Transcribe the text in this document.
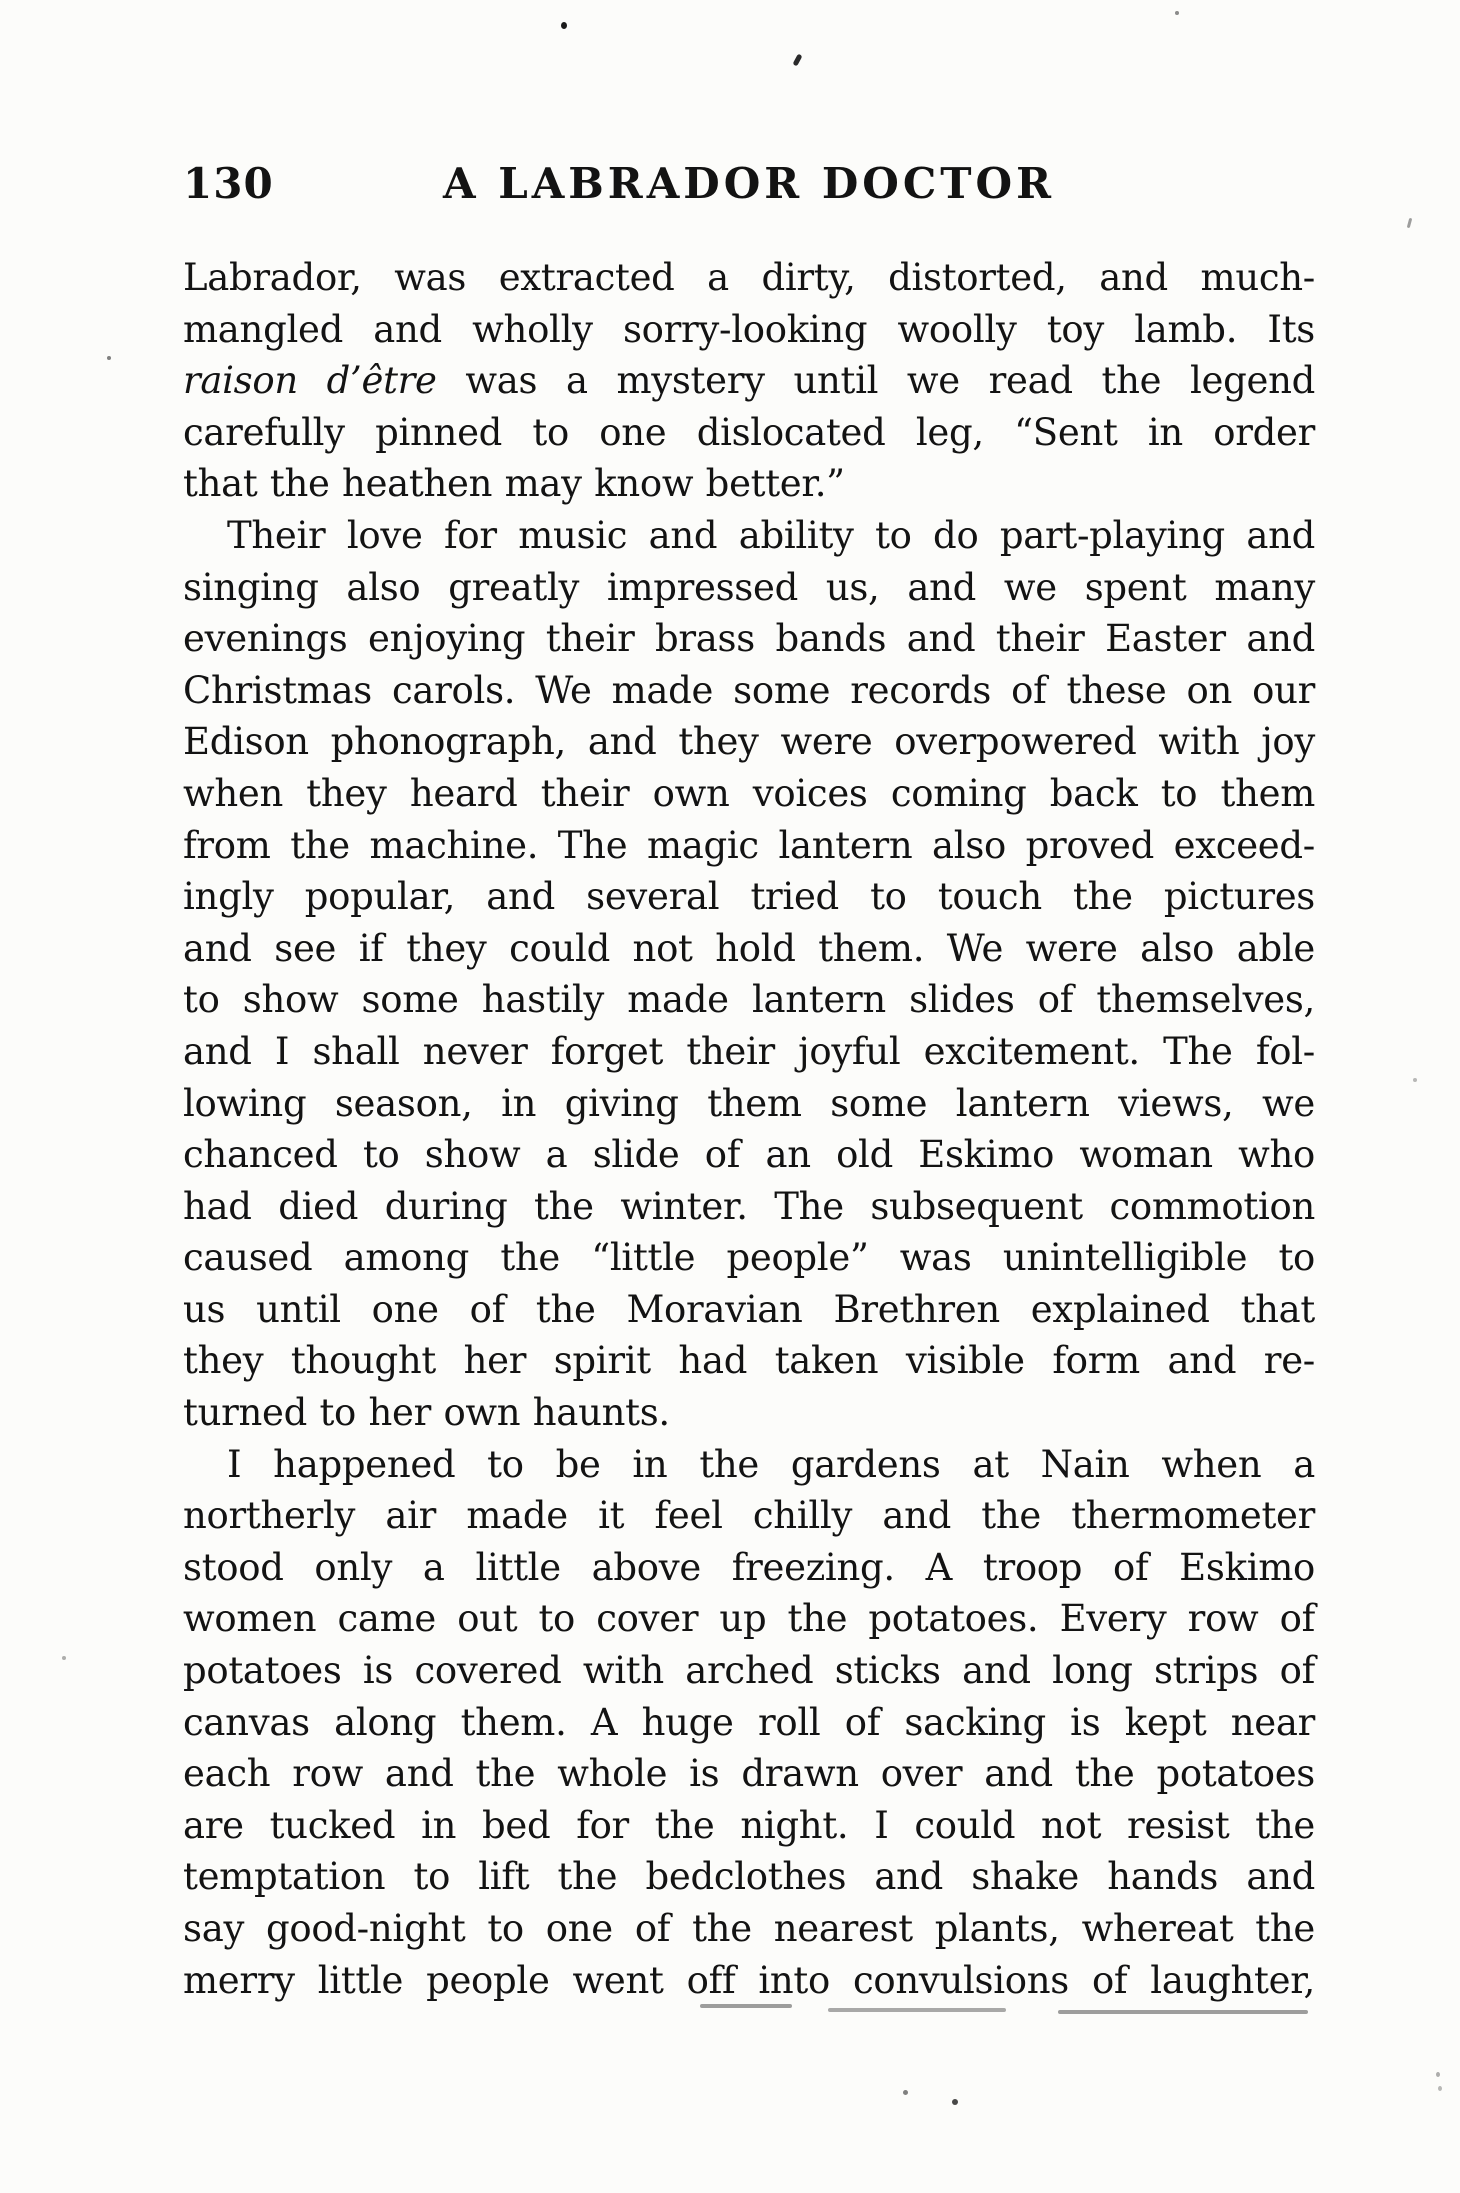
130	A LABRADOR DOCTOR
Labrador, was extracted a dirty, distorted, and much-
mangled and wholly sorry-looking woolly toy lamb. Its
raison d’être was a mystery until we read the legend
carefully pinned to one dislocated leg, “Sent in order
that the heathen may know better.”
Their love for music and ability to do part-playing and
singing also greatly impressed us, and we spent many
evenings enjoying their brass bands and their Easter and
Christmas carols. We made some records of these on our
Edison phonograph, and they were overpowered with joy
when they heard their own voices coming back to them
from the machine. The magic lantern also proved exceed-
ingly popular, and several tried to touch the pictures
and see if they could not hold them. We were also able
to show some hastily made lantern slides of themselves,
and I shall never forget their joyful excitement. The fol-
lowing season, in giving them some lantern views, we
chanced to show a slide of an old Eskimo woman who
had died during the winter. The subsequent commotion
caused among the “little people” was unintelligible to
us until one of the Moravian Brethren explained that
they thought her spirit had taken visible form and re-
turned to her own haunts.
I happened to be in the gardens at Nain when a
northerly air made it feel chilly and the thermometer
stood only a little above freezing. A troop of Eskimo
women came out to cover up the potatoes. Every row of
potatoes is covered with arched sticks and long strips of
canvas along them. A huge roll of sacking is kept near
each row and the whole is drawn over and the potatoes
are tucked in bed for the night. I could not resist the
temptation to lift the bedclothes and shake hands and
say good-night to one of the nearest plants, whereat the
merry little people went off into convulsions of laughter,
